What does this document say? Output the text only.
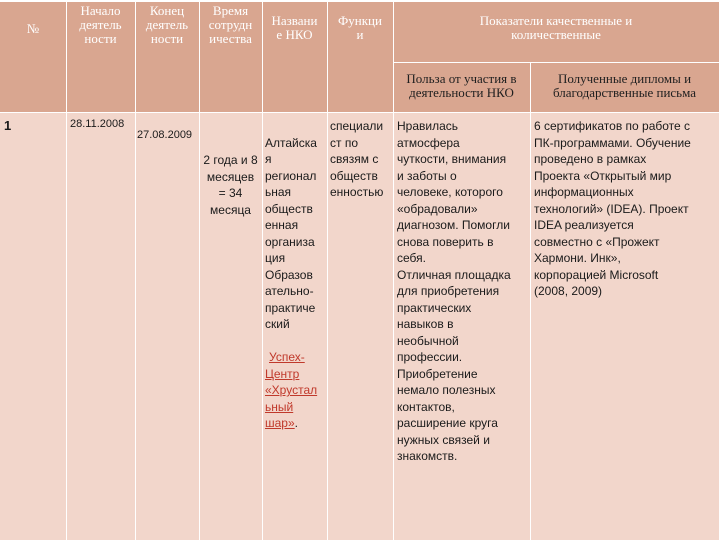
№
Начало
деятель
ности
Конец
деятель
ности
Время
сотрудн
ичества
Названи
е НКО
Функци
и
Показатели качественные и
количественные
Польза от участия в
деятельности НКО
Полученные дипломы и
благодарственные письма
1	28.11.2008
27.08.2009
2 года и 8
месяцев
= 34
месяца

Алтайска
я
регионал
ьная
обществ
енная
организа
ция
Образов
ательно-
практиче
ский

Успех-
Центр
«Хрустал
ьный
шар».

специали
ст по
связям с
обществ
енностью
Нравилась
атмосфера
чуткости, внимания
и заботы о
человеке, которого
«обрадовали»
диагнозом. Помогли
снова поверить в
себя.
Отличная площадка
для приобретения
практических
навыков в
необычной
профессии.
Приобретение
немало полезных
контактов,
расширение круга
нужных связей и
знакомств.
6 сертификатов по работе с
ПК-программами. Обучение
проведено в рамках
Проекта «Открытый мир
информационных
технологий» (IDEA). Проект
IDEA реализуется
совместно с «Прожект
Хармони. Инк»,
корпорацией Microsoft
(2008, 2009)
